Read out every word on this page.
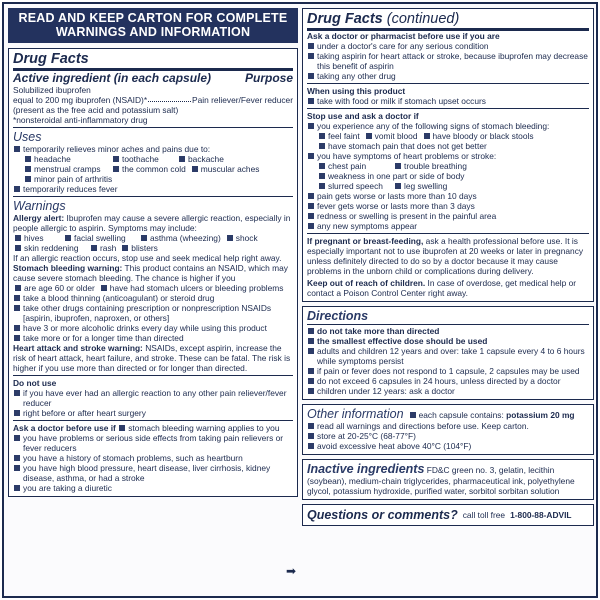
READ AND KEEP CARTON FOR COMPLETE
WARNINGS AND INFORMATION
Drug Facts
Active ingredient (in each capsule)	Purpose
Solubilized ibuprofen
equal to 200 mg ibuprofen (NSAID)*	Pain reliever/Fever reducer
(present as the free acid and potassium salt)
*nonsteroidal anti-inflammatory drug
Uses
temporarily relieves minor aches and pains due to:
headache	toothache	backache
menstrual cramps	the common cold	muscular aches
minor pain of arthritis
temporarily reduces fever
Warnings
Allergy alert: Ibuprofen may cause a severe allergic reaction, especially in people allergic to aspirin. Symptoms may include:
hives	facial swelling	asthma (wheezing)	shock
skin reddening	rash	blisters
If an allergic reaction occurs, stop use and seek medical help right away.
Stomach bleeding warning: This product contains an NSAID, which may cause severe stomach bleeding. The chance is higher if you
are age 60 or older	have had stomach ulcers or bleeding problems
take a blood thinning (anticoagulant) or steroid drug
take other drugs containing prescription or nonprescription NSAIDs
[aspirin, ibuprofen, naproxen, or others]
have 3 or more alcoholic drinks every day while using this product
take more or for a longer time than directed
Heart attack and stroke warning: NSAIDs, except aspirin, increase the risk of heart attack, heart failure, and stroke. These can be fatal. The risk is higher if you use more than directed or for longer than directed.
Do not use
if you have ever had an allergic reaction to any other pain reliever/fever reducer
right before or after heart surgery
Ask a doctor before use if stomach bleeding warning applies to you
you have problems or serious side effects from taking pain relievers or fever reducers
you have a history of stomach problems, such as heartburn
you have high blood pressure, heart disease, liver cirrhosis, kidney disease, asthma, or had a stroke
you are taking a diuretic
➡
Drug Facts (continued)
Ask a doctor or pharmacist before use if you are
under a doctor's care for any serious condition
taking aspirin for heart attack or stroke, because ibuprofen may decrease this benefit of aspirin
taking any other drug
When using this product
take with food or milk if stomach upset occurs
Stop use and ask a doctor if
you experience any of the following signs of stomach bleeding:
feel faint	vomit blood	have bloody or black stools
have stomach pain that does not get better
you have symptoms of heart problems or stroke:
chest pain	trouble breathing
weakness in one part or side of body
slurred speech	leg swelling
pain gets worse or lasts more than 10 days
fever gets worse or lasts more than 3 days
redness or swelling is present in the painful area
any new symptoms appear
If pregnant or breast-feeding, ask a health professional before use. It is especially important not to use ibuprofen at 20 weeks or later in pregnancy unless definitely directed to do so by a doctor because it may cause problems in the unborn child or complications during delivery.
Keep out of reach of children. In case of overdose, get medical help or contact a Poison Control Center right away.
Directions
do not take more than directed
the smallest effective dose should be used
adults and children 12 years and over: take 1 capsule every 4 to 6 hours while symptoms persist
if pain or fever does not respond to 1 capsule, 2 capsules may be used
do not exceed 6 capsules in 24 hours, unless directed by a doctor
children under 12 years: ask a doctor
Other information	each capsule contains: potassium 20 mg
read all warnings and directions before use. Keep carton.
store at 20-25°C (68-77°F)
avoid excessive heat above 40°C (104°F)
Inactive ingredients FD&C green no. 3, gelatin, lecithin (soybean), medium-chain triglycerides, pharmaceutical ink, polyethylene glycol, potassium hydroxide, purified water, sorbitol sorbitan solution
Questions or comments? call toll free 1-800-88-ADVIL
